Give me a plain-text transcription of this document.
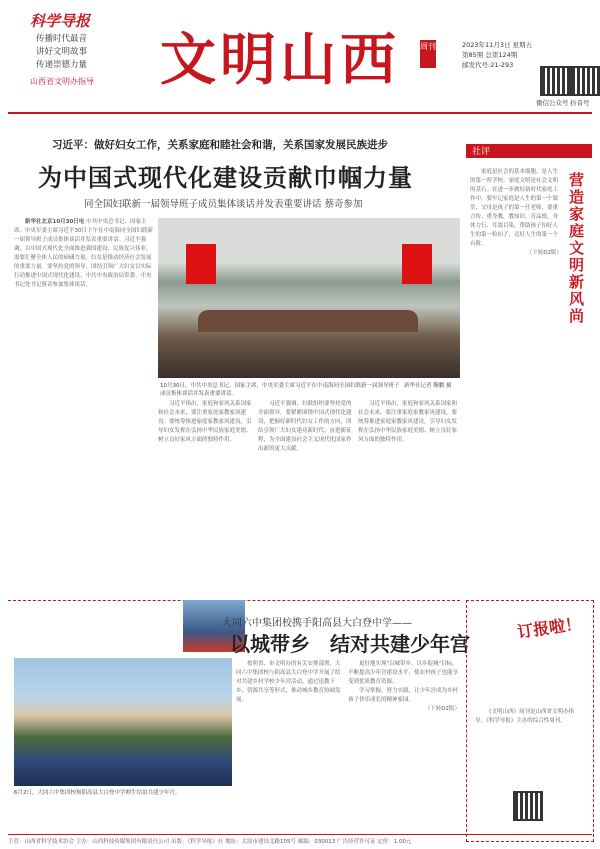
科学导报
传播时代最音
讲好文明故事
传递崇德力量
山西省文明办指导 文明山西	周刊	2023年11月3日 星期五
第85期 总第124期
邮发代号:21-293
微信公众号 抖音号
习近平：做好妇女工作，关系家庭和睦社会和谐，关系国家发展民族进步
为中国式现代化建设贡献巾帼力量
同全国妇联新一届领导班子成员集体谈话并发表重要讲话 蔡奇参加

新华社北京10月30日电 中共中央总书记、国家主席、中央军委主席习近平30日下午在中南海同全国妇联新一届领导班子成员集体谈话并发表重要讲话。习近平强调，以中国式现代化全面推进强国建设、民族复兴伟业，需要汇聚全体人民的磅礴力量。妇女是推动经济社会发展的重要力量。要坚持党的领导，团结引领广大妇女以实际行动推进中国式现代化建设。中共中央政治局常委、中央书记处书记蔡奇参加集体谈话。

10月30日，中共中央总书记、国家主席、中央军委主席习近平在中南海同全国妇联新一届领导班子成员集体谈话并发表重要讲话。
新华社记者 鞠鹏 摄

习近平指出，家庭和家风关系国家和社会未来，要注重家庭家教家风建设。要统筹推进家庭家教家风建设，引导妇女发挥在弘扬中华民族家庭美德、树立良好家风方面的独特作用。

习近平强调，妇联组织要坚持党的全面领导，要紧紧围绕中国式现代化建设，把握好新时代妇女工作的方向，团结引领广大妇女建功新时代、奋进新征程，为全面建设社会主义现代化国家作出新的更大贡献。

习近平指出，家庭和家风关系国家和社会未来，要注重家庭家教家风建设。要统筹推进家庭家教家风建设，引导妇女发挥在弘扬中华民族家庭美德、树立良好家风方面的独特作用。

社评
营造家庭文明新风尚

家庭是社会的基本细胞，是人生的第一所学校。家庭文明是社会文明的基石。在进一步做好新时代家庭工作中，要牢记家庭是人生的第一个课堂、父母是孩子的第一任老师，要重言传、重身教，教知识、育品德，身体力行、耳濡目染，帮助孩子扣好人生的第一粒扣子，迈好人生的第一个台阶。

（下转D2版）

大同六中集团校携手阳高县大白登中学——
以城带乡　结对共建少年宫
6月2日，大同六中集团校和阳高县大白登中学师生结谊共建少年宫。

按照省、市文明办的有关安排部署，大同六中集团校与阳高县大白登中学开展了结对共建乡村学校少年宫活动，通过送教下乡、资源共享等形式，推动城乡教育协调发展。

更好地实现"以城带乡、以乡促城"目标，不断提高少年宫建设水平，使农村孩子也能享受到优质教育资源。

学习掌握、努力实践，让少年宫成为乡村孩子快乐成长的精神家园。

（下转D2版）

订报啦！

《文明山西》周刊是山西省文明办指导，《科学导报》主办的综合性周刊。

主管：山西省科学技术协会 主办：山西科技传媒集团有限责任公司 出版：《科学导报》社 地址：太原市建设北路105号 邮编：030013 广告经营许可证 定价：1.00元
